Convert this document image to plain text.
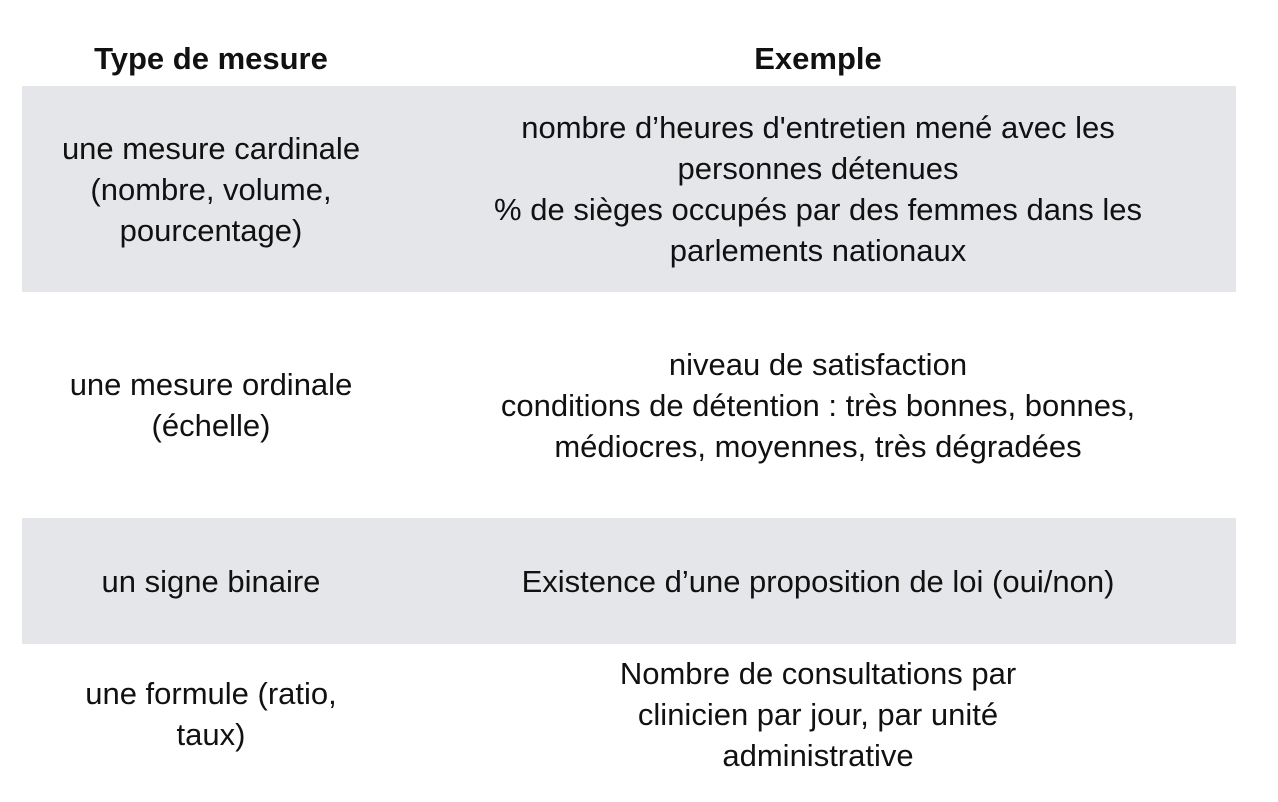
Type de mesure	Exemple
une mesure cardinale
(nombre, volume,
pourcentage)
nombre d’heures d'entretien mené avec les
personnes détenues
% de sièges occupés par des femmes dans les
parlements nationaux
une mesure ordinale
(échelle)
niveau de satisfaction
conditions de détention : très bonnes, bonnes,
médiocres, moyennes, très dégradées
un signe binaire	Existence d’une proposition de loi (oui/non)
une formule (ratio,
taux)
Nombre de consultations par
clinicien par jour, par unité
administrative
